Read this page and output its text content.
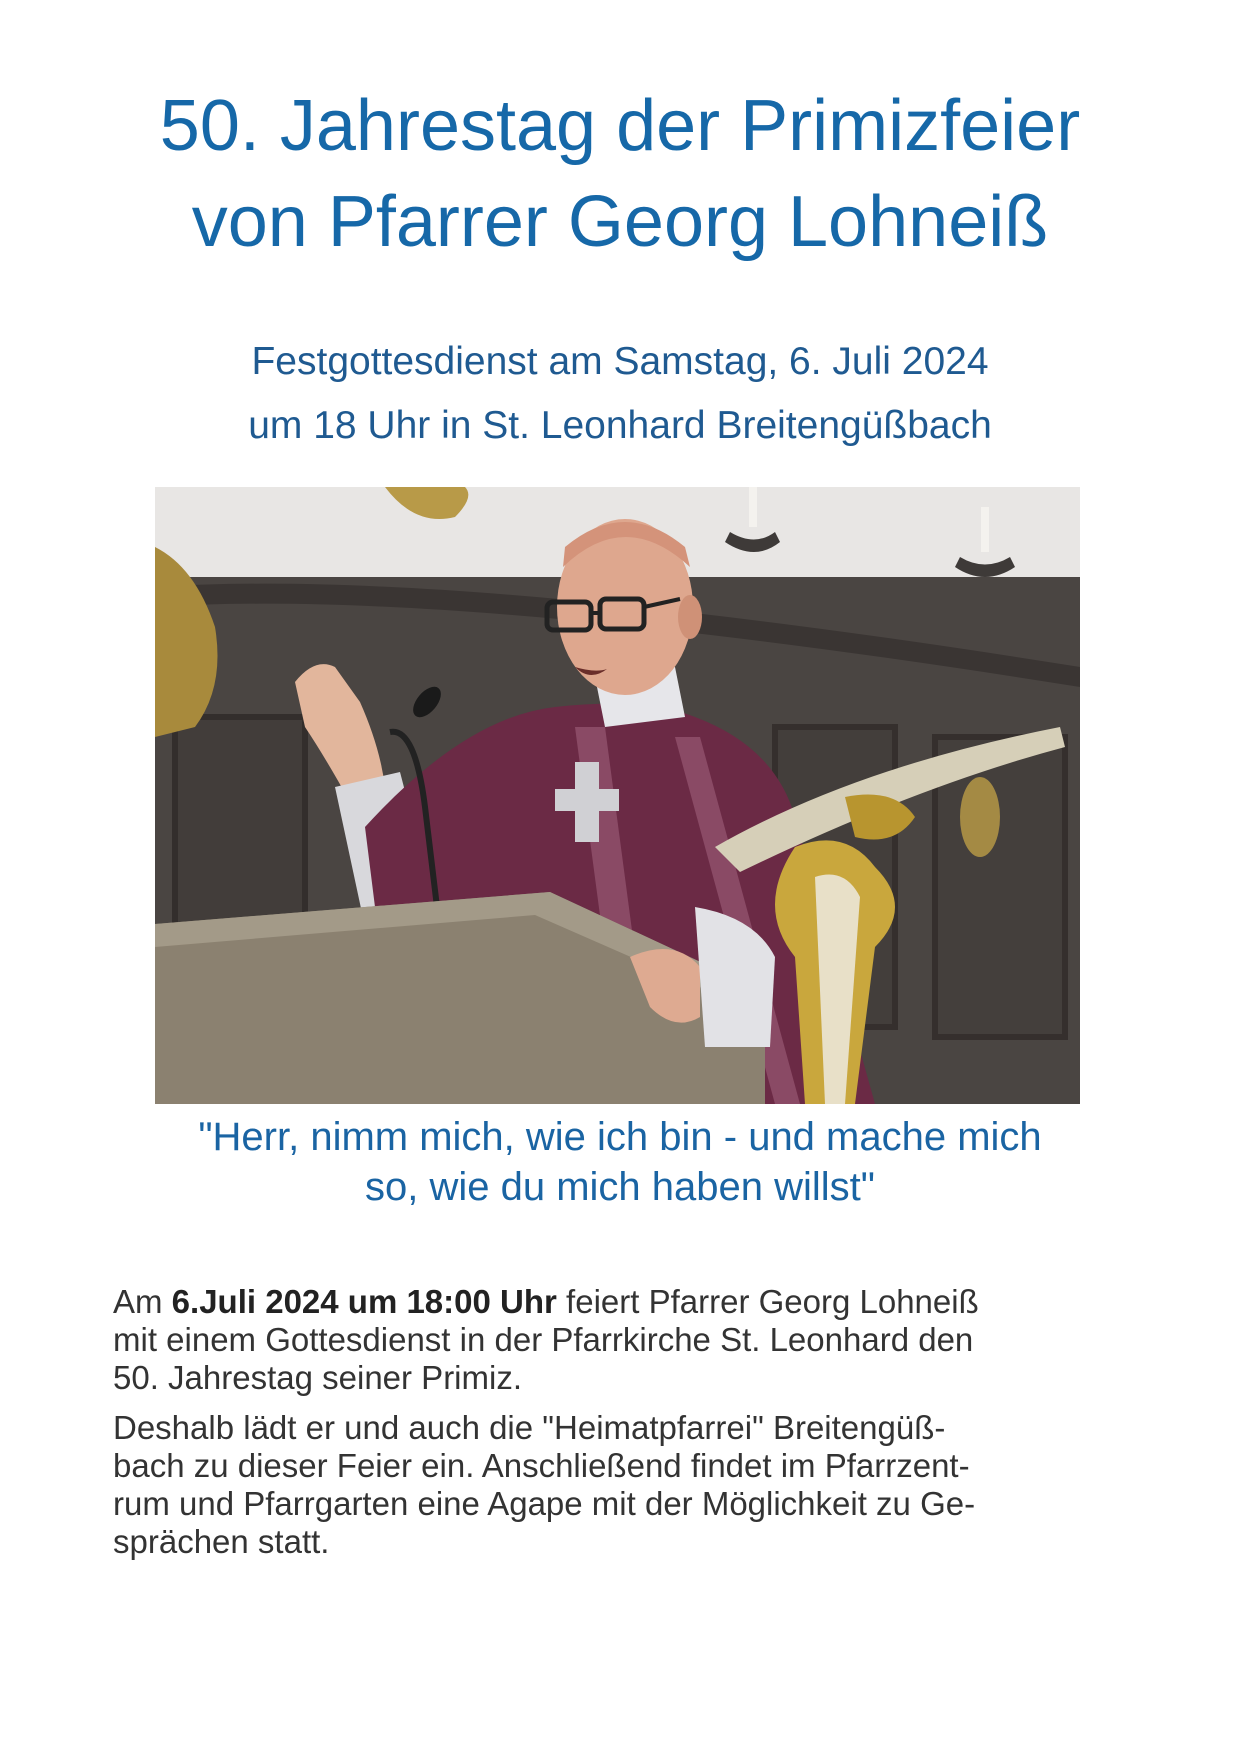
50. Jahrestag der Primizfeier
von Pfarrer Georg Lohneiß
Festgottesdienst am Samstag, 6. Juli 2024
um 18 Uhr in St. Leonhard Breitengüßbach
"Herr, nimm mich, wie ich bin - und mache mich
so, wie du mich haben willst"

Am 6.Juli 2024 um 18:00 Uhr feiert Pfarrer Georg Lohneiß
mit einem Gottesdienst in der Pfarrkirche St. Leonhard den
50. Jahrestag seiner Primiz.

Deshalb lädt er und auch die "Heimatpfarrei" Breitengüß-
bach zu dieser Feier ein. Anschließend findet im Pfarrzent-
rum und Pfarrgarten eine Agape mit der Möglichkeit zu Ge-
sprächen statt.
